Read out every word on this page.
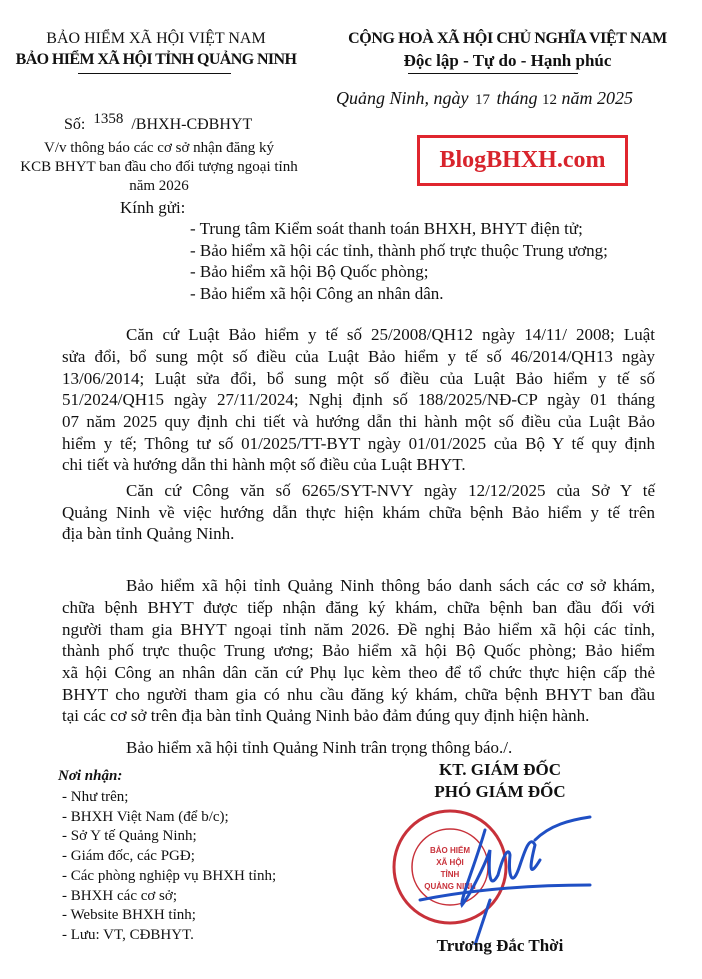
BẢO HIỂM XÃ HỘI VIỆT NAM
BẢO HIỂM XÃ HỘI TỈNH QUẢNG NINH
Số: 1358 /BHXH-CĐBHYT
V/v thông báo các cơ sở nhận đăng ký
KCB BHYT ban đầu cho đối tượng ngoại tỉnh
năm 2026
CỘNG HOÀ XÃ HỘI CHỦ NGHĨA VIỆT NAM
Độc lập - Tự do - Hạnh phúc
Quảng Ninh, ngày 17 tháng 12 năm 2025
BlogBHXH.com
Kính gửi:
- Trung tâm Kiểm soát thanh toán BHXH, BHYT điện tử;
- Bảo hiểm xã hội các tỉnh, thành phố trực thuộc Trung ương;
- Bảo hiểm xã hội Bộ Quốc phòng;
- Bảo hiểm xã hội Công an nhân dân.
Căn cứ Luật Bảo hiểm y tế số 25/2008/QH12 ngày 14/11/ 2008; Luật
sửa đổi, bổ sung một số điều của Luật Bảo hiểm y tế số 46/2014/QH13 ngày
13/06/2014; Luật sửa đổi, bổ sung một số điều của Luật Bảo hiểm y tế số
51/2024/QH15 ngày 27/11/2024; Nghị định số 188/2025/NĐ-CP ngày 01 tháng
07 năm 2025 quy định chi tiết và hướng dẫn thi hành một số điều của Luật Bảo
hiểm y tế; Thông tư số 01/2025/TT-BYT ngày 01/01/2025 của Bộ Y tế quy định
chi tiết và hướng dẫn thi hành một số điều của Luật BHYT.
Căn cứ Công văn số 6265/SYT-NVY ngày 12/12/2025 của Sở Y tế
Quảng Ninh về việc hướng dẫn thực hiện khám chữa bệnh Bảo hiểm y tế trên
địa bàn tỉnh Quảng Ninh.
Bảo hiểm xã hội tỉnh Quảng Ninh thông báo danh sách các cơ sở khám,
chữa bệnh BHYT được tiếp nhận đăng ký khám, chữa bệnh ban đầu đối với
người tham gia BHYT ngoại tỉnh năm 2026. Đề nghị Bảo hiểm xã hội các tỉnh,
thành phố trực thuộc Trung ương; Bảo hiểm xã hội Bộ Quốc phòng; Bảo hiểm
xã hội Công an nhân dân căn cứ Phụ lục kèm theo để tổ chức thực hiện cấp thẻ
BHYT cho người tham gia có nhu cầu đăng ký khám, chữa bệnh BHYT ban đầu
tại các cơ sở trên địa bàn tỉnh Quảng Ninh bảo đảm đúng quy định hiện hành.
Bảo hiểm xã hội tỉnh Quảng Ninh trân trọng thông báo./.
Nơi nhận:
- Như trên;
- BHXH Việt Nam (để b/c);
- Sở Y tế Quảng Ninh;
- Giám đốc, các PGĐ;
- Các phòng nghiệp vụ BHXH tỉnh;
- BHXH các cơ sở;
- Website BHXH tỉnh;
- Lưu: VT, CĐBHYT.
KT. GIÁM ĐỐC
PHÓ GIÁM ĐỐC
BẢO HIỂM
XÃ HỘI
TỈNH
QUẢNG NINH
Trương Đắc Thời
